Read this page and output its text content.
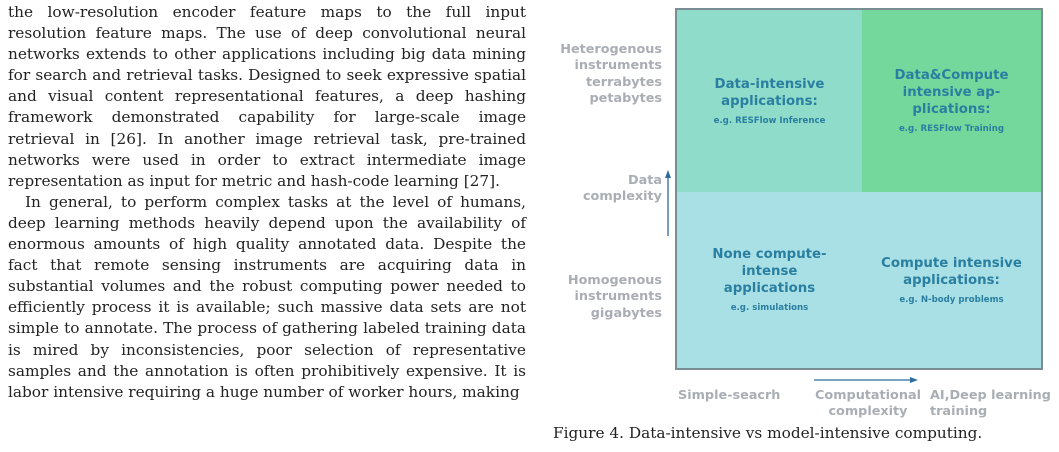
the low-resolution encoder feature maps to the full input resolution feature maps. The use of deep convolutional neural networks extends to other applications including big data mining for search and retrieval tasks. Designed to seek expressive spatial and visual content representational features, a deep hashing framework demonstrated capability for large-scale image retrieval in [26]. In another image retrieval task, pre-trained networks were used in order to extract intermediate image representation as input for metric and hash-code learning [27].

In general, to perform complex tasks at the level of humans, deep learning methods heavily depend upon the availability of enormous amounts of high quality annotated data. Despite the fact that remote sensing instruments are acquiring data in substantial volumes and the robust computing power needed to efficiently process it is available; such massive data sets are not simple to annotate. The process of gathering labeled training data is mired by inconsistencies, poor selection of representative samples and the annotation is often prohibitively expensive. It is labor intensive requiring a huge number of worker hours, making

Heterogenous
instruments
terrabytes
petabytes
Data
complexity
Homogenous
instruments
gigabytes
Data-intensive
applications:
e.g. RESFlow Inference
Data&Compute
intensive ap-
plications:
e.g. RESFlow Training
None compute-
intense
applications
e.g. simulations
Compute intensive
applications:
e.g. N-body problems
Simple-seacrh	Computational
complexity
AI,Deep learning
training
Figure 4. Data-intensive vs model-intensive computing.
